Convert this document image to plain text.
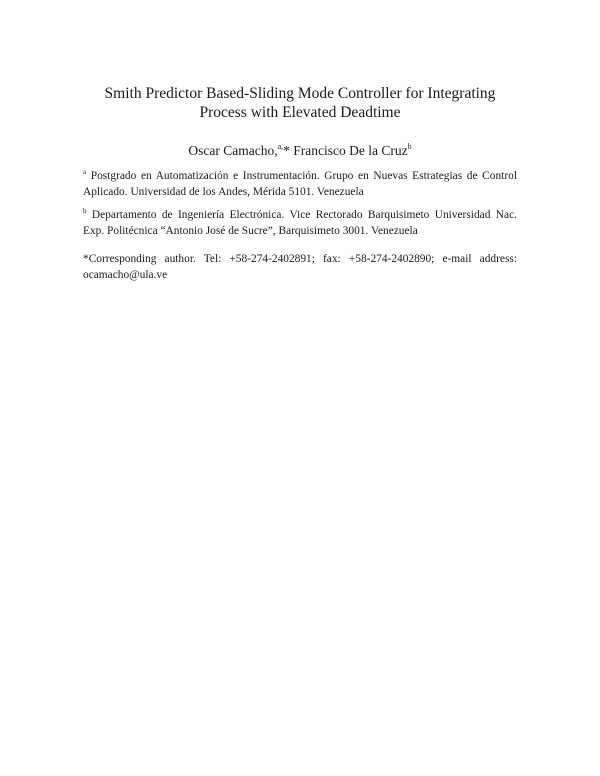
Smith Predictor Based-Sliding Mode Controller for Integrating
Process with Elevated Deadtime
Oscar Camacho,$^{a,}$* Francisco De la Cruz$^b$
$^a$ Postgrado en Automatización e Instrumentación. Grupo en Nuevas Estrategias de Control
Aplicado. Universidad de los Andes, Mérida 5101. Venezuela
$^b$ Departamento de Ingeniería Electrónica. Vice Rectorado Barquisimeto Universidad Nac.
Exp. Politécnica “Antonio José de Sucre”, Barquisimeto 3001. Venezuela
*Corresponding author. Tel: +58-274-2402891; fax: +58-274-2402890; e-mail address:
ocamacho@ula.ve
